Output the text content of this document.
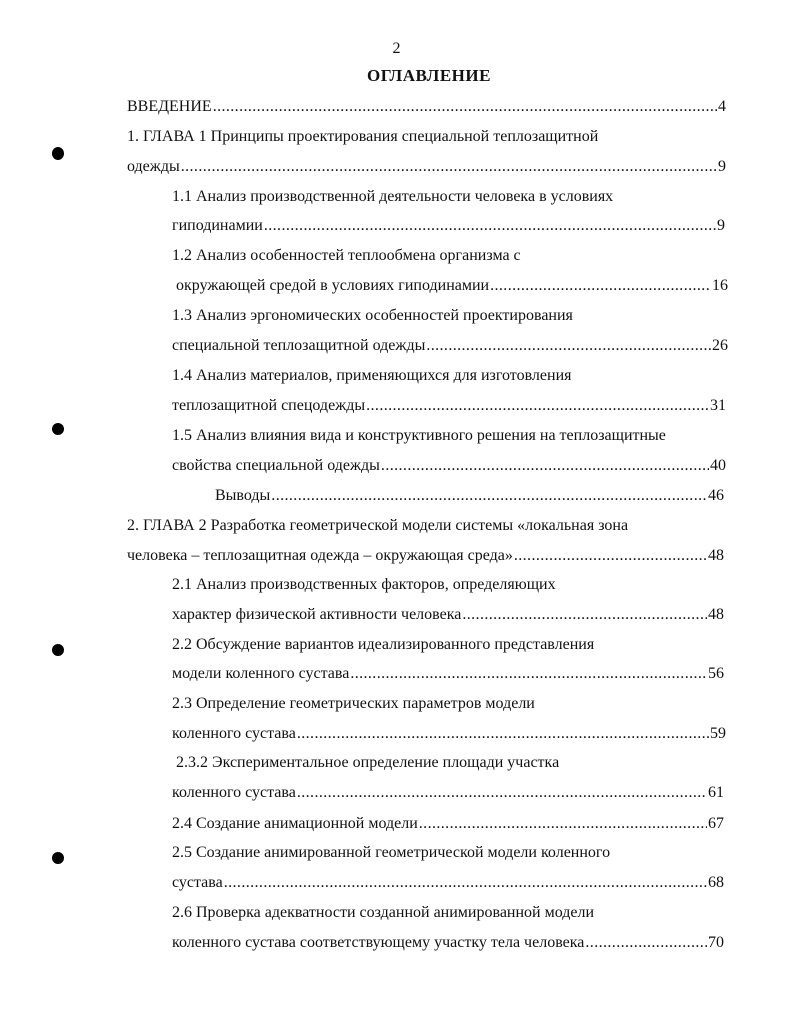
2
ОГЛАВЛЕНИЕ
ВВЕДЕНИЕ .....	4
1. ГЛАВА 1 Принципы проектирования специальной теплозащитной
одежды .....	9
1.1 Анализ производственной деятельности человека в условиях
гиподинамии .....	9
1.2 Анализ особенностей теплообмена организма с
окружающей средой в условиях гиподинамии .....	16
1.3 Анализ эргономических особенностей проектирования
специальной теплозащитной одежды .....	26
1.4 Анализ материалов, применяющихся для изготовления
теплозащитной спецодежды .....	31
1.5 Анализ влияния вида и конструктивного решения на теплозащитные
свойства специальной одежды .....	40
Выводы .....	46
2. ГЛАВА 2 Разработка геометрической модели системы «локальная зона
человека – теплозащитная одежда – окружающая среда» .....	48
2.1 Анализ производственных факторов, определяющих
характер физической активности человека .....	48
2.2 Обсуждение вариантов идеализированного представления
модели коленного сустава .....	56
2.3 Определение геометрических параметров модели
коленного сустава .....	59
2.3.2 Экспериментальное определение площади участка
коленного сустава .....	61
2.4 Создание анимационной модели .....	67
2.5 Создание анимированной геометрической модели коленного
сустава .....	68
2.6 Проверка адекватности созданной анимированной модели
коленного сустава соответствующему участку тела человека .....	70
